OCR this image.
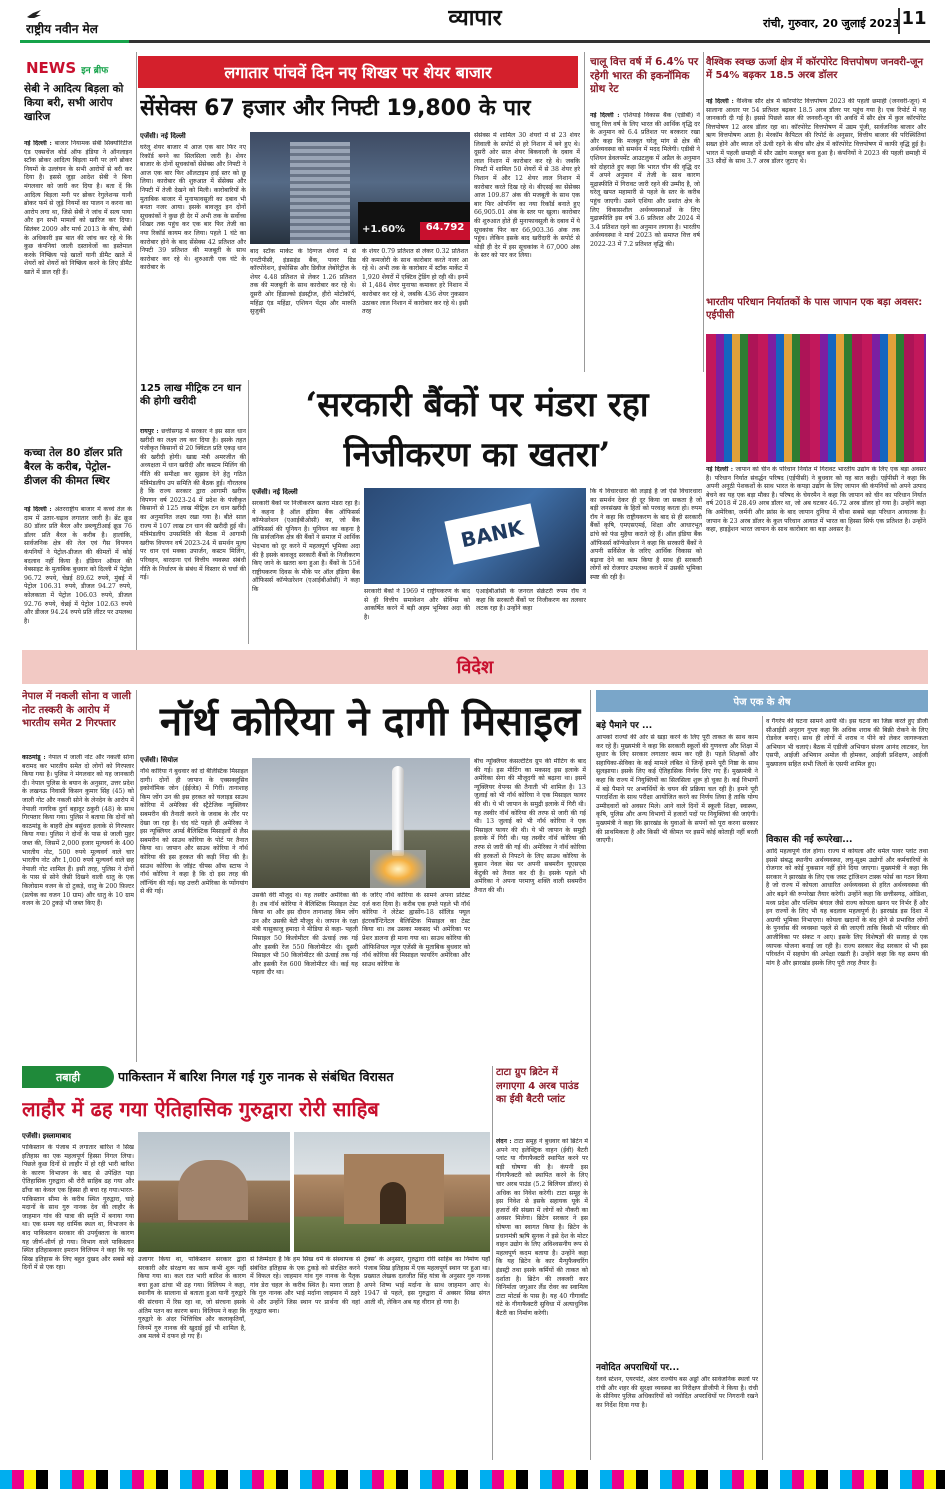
राष्ट्रीय नवीन मेल	व्यापार	रांची, गुरुवार, 20 जुलाई 2023 11
NEWS इन ब्रीफ
सेबी ने आदित्य बिड़ला को किया बरी, सभी आरोप खारिज
नई दिल्ली : बाजार नियामक सेबी सिक्योरिटीज एंड एक्सचेंज बोर्ड ऑफ इंडिया ने ऑनलाइन स्टॉक ब्रोकर आदित्य बिड़ला मनी पर लगे ब्रोकर नियमों के उल्लंघन के सभी आरोपों से बरी कर दिया है। इससे जुड़ा आदेश सेबी ने बिना मंगलवार को जारी कर दिया है। बता दें कि आदित्य बिड़ला मनी पर ब्रोकर रेगुलेशन्स यानी ब्रोकर फर्म से जुड़े नियमों का पालन न करना का आरोप लगा था, जिसे सेबी ने जांच में सत्य पाया और इन सभी मामलों को खारिज कर दिया। सितंबर 2009 और मार्च 2013 के बीच, सेबी के अधिकारी इस बात की जांच कर रहे थे कि कुछ कंपनियां जाली दस्तावेजों का इस्तेमाल करके निष्क्रिय पड़े खातों यानी डीमैट खाते में शेयरों को शेयरों को निष्क्रिय करने के लिए डीमैट खाते में डाल रही हैं।
कच्चा तेल 80 डॉलर प्रति बैरल के करीब, पेट्रोल-डीजल की कीमत स्थिर
नई दिल्ली : अंतरराष्ट्रीय बाजार में कच्चे तेल के दाम में उतार-चढ़ाव लगातार जारी है। ब्रेंट क्रूड 80 डॉलर प्रति बैरल और डब्ल्यूटीआई क्रूड 76 डॉलर प्रति बैरल के करीब है। हालांकि, सार्वजनिक क्षेत्र की तेल एवं गैस विपणन कंपनियों ने पेट्रोल-डीजल की कीमतों में कोई बदलाव नहीं किया है। इंडियन ऑयल की वेबसाइट के मुताबिक बुधवार को दिल्ली में पेट्रोल 96.72 रुपये, चेन्नई 89.62 रुपये, मुंबई में पेट्रोल 106.31 रुपये, डीजल 94.27 रुपये, कोलकाता में पेट्रोल 106.03 रुपये, डीजल 92.76 रुपये, चेन्नई में पेट्रोल 102.63 रुपये और डीजल 94.24 रुपये प्रति लीटर पर उपलब्ध है।
लगातार पांचवें दिन नए शिखर पर शेयर बाजार
सेंसेक्स 67 हजार और निफ्टी 19,800 के पार
एजेंसी। नई दिल्ली
घरेलू शेयर बाजार में आज एक बार फिर नए रिकॉर्ड बनने का सिलसिला जारी है। शेयर बाजार के दोनों सूचकांकों सेंसेक्स और निफ्टी ने आज एक बार फिर ऑलटाइम हाई स्तर को छू लिया। कारोबार की शुरुआत में सेंसेक्स और निफ्टी में तेजी देखने को मिली। कारोबारियों के मुताबिक बाजार में मुनाफावसूली का दबाव भी बनता नजर आया। इसके बावजूद इन दोनों सूचकांकों ने कुछ ही देर में अभी तक के सर्वोच्च शिखर तक पहुंच कर एक बार फिर तेजी का नया रिकॉर्ड कायम कर लिया। पहले 1 घंटे का कारोबार होने के बाद सेंसेक्स 42 प्रतिशत और निफ्टी 39 प्रतिशत की मजबूती के साथ कारोबार कर रहे थे। शुरुआती एक घंटे के कारोबार के
+1.60%	64.792
बाद स्टॉक मार्केट के दिग्गज शेयरों में से एनटीपीसी, इंडसइंड बैंक, पावर ग्रिड कॉरपोरेशन, इंफोसिस और डिवीज लेबोरेट्रीज के शेयर 4.48 प्रतिशत से लेकर 1.26 प्रतिशत तक की मजबूती के साथ कारोबार कर रहे थे। दूसरी ओर हिंडाल्को इंडस्ट्रीज, हीरो मोटोकॉर्प, महिंद्रा एंड महिंद्रा, एशियन पेंट्स और मारुति सुजुकी
के शेयर 0.79 प्रतिशत से लेकर 0.32 प्रतिशत की कमजोरी के साथ कारोबार करते नजर आ रहे थे। अभी तक के कारोबार में स्टॉक मार्केट में 1,920 शेयरों में एक्टिव ट्रेडिंग हो रही थी। इनमें से 1,484 शेयर मुनाफा कमाकर हरे निशान में कारोबार कर रहे थे, जबकि 436 शेयर नुकसान उठाकर लाल निशान में कारोबार कर रहे थे। इसी तरह
सेंसेक्स में शामिल 30 शेयरों में से 23 शेयर लिवाली के सपोर्ट से हरे निशान में बने हुए थे। दूसरी ओर सात शेयर बिकवाली के दबाव में लाल निशान में कारोबार कर रहे थे। जबकि निफ्टी में शामिल 50 शेयरों में से 38 शेयर हरे निशान में और 12 शेयर लाल निशान में कारोबार करते दिख रहे थे। बीएसई का सेंसेक्स आज 109.87 अंक की मजबूती के साथ एक बार फिर ओपनिंग का नया रिकॉर्ड बनाते हुए 66,905.01 अंक के स्तर पर खुला। कारोबार की शुरुआत होते ही मुनाफावसूली के दबाव में ये सूचकांक फिर कर 66,903.36 अंक तक पहुंच। लेकिन इसके बाद खरीदारी के सपोर्ट से थोड़ी ही देर में इस सूचकांक ने 67,000 अंक के स्तर को पार कर लिया।
चालू वित्त वर्ष में 6.4% पर रहेगी भारत की इकनॉमिक ग्रोथ रेट
नई दिल्ली : एशियाई विकास बैंक (एडीबी) ने चालू वित्त वर्ष के लिए भारत की आर्थिक वृद्धि दर के अनुमान को 6.4 प्रतिशत पर बरकरार रखा और कहा कि मजबूत घरेलू मांग से क्षेत्र की अर्थव्यवस्था को समर्थन में मदद मिलेगी। एडीबी ने एशियन डेवलपमेंट आउटलुक में अप्रैल के अनुमान को दोहराते हुए कहा कि भारत चीन की वृद्धि दर में अपने अनुमान में तेजी के साथ कारण मुद्रास्फीति में गिरावट जारी रहने की उम्मीद है, जो घरेलू खपत महामारी से पहले के स्तर के करीब पहुंच जाएगी। उसने एशिया और प्रशांत क्षेत्र के लिए विकासशील अर्थव्यवस्थाओं के लिए मुद्रास्फीति इस वर्ष 3.6 प्रतिशत और 2024 में 3.4 प्रतिशत रहने का अनुमान लगाया है। भारतीय अर्थव्यवस्था ने मार्च 2023 को समाप्त वित्त वर्ष 2022-23 में 7.2 प्रतिशत वृद्धि की।
वैश्विक स्वच्छ ऊर्जा क्षेत्र में कॉरपोरेट वित्तपोषण जनवरी-जून में 54% बढ़कर 18.5 अरब डॉलर
नई दिल्ली : वैश्विक सौर क्षेत्र में कॉरपोरेट वित्तपोषण 2023 की पहली छमाही (जनवरी-जून) में सालाना आधार पर 54 प्रतिशत बढ़कर 18.5 अरब डॉलर पर पहुंच गया है। एक रिपोर्ट में यह जानकारी दी गई है। इससे पिछले साल की जनवरी-जून की अवधि में सौर क्षेत्र में कुल कॉरपोरेट वित्तपोषण 12 अरब डॉलर रहा था। कॉरपोरेट वित्तपोषण में उद्यम पूंजी, सार्वजनिक बाजार और ऋण वित्तपोषण आता है। मेरकॉम कैपिटल की रिपोर्ट के अनुसार, वित्तीय बाजार की परिस्थितियां सख्त होने और ब्याज दरें ऊंची रहने के बीच सौर क्षेत्र में कॉरपोरेट वित्तपोषण में काफी वृद्धि हुई है। भारत में पहली छमाही में सौर उद्योग मजबूत बना हुआ है। कंपनियों ने 2023 की पहली छमाही में 33 सौदों के साथ 3.7 अरब डॉलर जुटाए थे।
भारतीय परिधान निर्यातकों के पास जापान एक बड़ा अवसर: एईपीसी
नई दिल्ली : जापान को चीन के परिधान निर्यात में गिरावट भारतीय उद्योग के लिए एक बड़ा अवसर है। परिधान निर्यात संवर्द्धन परिषद (एईपीसी) ने बुधवार को यह बात कही। एईपीसी ने कहा कि अपनी अनूठी पेशकशों के साथ भारत के कपड़ा उद्योग के लिए जापान की कंपनियों को अपने उत्पाद बेचने का यह एक बड़ा मौका है। परिषद के चेयरमैन ने कहा कि जापान को चीन का परिधान निर्यात वर्ष 2018 में 28.49 अरब डॉलर था, जो अब घटकर 46.72 अरब डॉलर हो गया है। उन्होंने कहा कि अमेरिका, जर्मनी और फ्रांस के बाद जापान दुनिया में चौथा सबसे बड़ा परिधान आयातक है। जापान के 23 अरब डॉलर के कुल परिधान आयात में भारत का हिस्सा सिर्फ एक प्रतिशत है। उन्होंने कहा, हाइड्रेशन भारत जापान के साथ कारोबार का बड़ा अवसर है।
125 लाख मीट्रिक टन धान की होगी खरीदी
रायपुर : छत्तीसगढ़ में सरकार ने इस साल धान खरीदी का लक्ष्य तय कर दिया है। इसके तहत पंजीकृत किसानों से 20 क्विंटल प्रति एकड़ धान की खरीदी होगी। खाद्य मंत्री अमरजीत की अध्यक्षता में धान खरीदी और कस्टम मिलिंग की नीति की समीक्षा कर सुझाव देने हेतु गठित मंत्रिमंडलीय उप समिति की बैठक हुई। गौरतलब है कि राज्य सरकार द्वारा आगामी खरीफ विपणन वर्ष 2023-24 में प्रदेश के पंजीकृत किसानों से 125 लाख मीट्रिक टन धान खरीदी का अनुमानित लक्ष्य रखा गया है। बीते साल राज्य में 107 लाख टन धान की खरीदी हुई थी। मंत्रिमंडलीय उपसमिति की बैठक में आगामी खरीफ विपणन वर्ष 2023-24 में समर्थन मूल्य पर धान एवं मक्का उपार्जन, कस्टम मिलिंग, परिवहन, बारदाना एवं वित्तीय व्यवस्था संबंधी नीति के निर्धारण के संबंध में विस्तार से चर्चा की गई।
‘सरकारी बैंकों पर मंडरा रहा निजीकरण का खतरा’
एजेंसी। नई दिल्ली
सरकारी बैंकों पर निजीकरण खतरा मंडरा रहा है। ये कहना है ऑल इंडिया बैंक ऑफिसर्स कॉन्फेडरेशन (एआईबीओसी) का, जो बैंक ऑफिसर्स की यूनियन है। यूनियन का कहना है कि सार्वजनिक क्षेत्र की बैंकों ने समाज में आर्थिक भेदभाव को दूर करने में महत्वपूर्ण भूमिका अदा की है इसके बावजूद सरकारी बैंकों के निजीकरण किए जाने के खतरा बना हुआ है। बैंकों के 55वें राष्ट्रीयकरण दिवस के मौके पर ऑल इंडिया बैंक ऑफिसर्स कॉन्फेडरेशन (एआईबीओसी) ने कहा कि
BANK
सरकारी बैंकों ने 1969 में राष्ट्रीयकरण के बाद से ही वित्तीय समावेशन और सेविंग्स को आकर्षित करने में बड़ी अहम भूमिका अदा की है।
एआईबीओसी के जनरल सेक्रेटरी रुपम रॉय ने कहा कि सरकारी बैंकों पर निजीकरण का तलवार लटक रहा है। उन्होंने कहा
कि ये विचारधारा की लड़ाई है जो ऐसे विचारधारा का समर्थन देकर ही दूर किया जा सकता है जो बड़ी जनसंख्या के हितों को परवाह करता हो। रुपम रॉय ने कहा कि राष्ट्रीयकरण के बाद से ही सरकारी बैंकों कृषि, एमएसएमई, शिक्षा और आधारभूत ढांचे को फंड मुहैया कराते रहे हैं। ऑल इंडिया बैंक ऑफिसर्स कॉन्फेडरेशन ने कहा कि सरकारी बैंकों ने अपनी सर्विसेज के जरिए आर्थिक विकास को बढ़ावा देने का काम किया है साथ ही सरकारी लोगों को रोजगार उपलब्ध कराने में उसकी भूमिका स्पष्ट की रही है।
विदेश
नेपाल में नकली सोना व जाली नोट तस्करी के आरोप में भारतीय समेत 2 गिरफ्तार
काठमांडू : नेपाल में जाली नोट और नकली सोना बरामद कर भारतीय समेत दो लोगों को गिरफ्तार किया गया है। पुलिस ने मंगलवार को यह जानकारी दी। नेपाल पुलिस के बयान के अनुसार, उत्तर प्रदेश के लखनऊ निवासी किसन कुमार सिंह (45) को जाली नोट और नकली सोने के लेनदेन के आरोप में नेपाली नागरिक दुर्गा बहादुर ठकुरी (48) के साथ गिरफ्तार किया गया। पुलिस ने बताया कि दोनों को काठमांडू के बाहरी क्षेत्र बसुंधरा इलाके से गिरफ्तार किया गया। पुलिस ने दोनों के पास से जाली मुहर जब्त की, जिसमें 2,000 हजार मूल्यवर्ग के 400 भारतीय नोट, 500 रुपये मूल्यवर्ग वाले चार भारतीय नोट और 1,000 रुपये मूल्यवर्ग वाले छह नेपाली नोट शामिल हैं। इसी तरह, पुलिस ने दोनों के पास से सोने जैसी दिखने वाली धातु के एक किलोग्राम वजन के दो टुकड़े, धातु के 200 फ़िल्टर (प्रत्येक का वजन 10 ग्राम) और धातु के 10 ग्राम वजन के 20 टुकड़े भी जब्त किए हैं।
नॉर्थ कोरिया ने दागी मिसाइल
एजेंसी। सियोल
नॉर्थ कोरिया ने बुधवार को दो बैलिस्टिक मिसाइल दागी। दोनों ही जापान के एक्सक्लूसिव इकोनॉमिक जोन (ईईजेड) में गिरीं। तानाशाह किम जोंग उन की इस हरकत को यलाइड साउथ कोरिया में अमेरिका की स्ट्रैटेजिक न्यूक्लियर सबमरीन की तैनाती करने के जवाब के तौर पर देखा जा रहा है। चंद घंटे पहले ही अमेरिका ने इस न्यूक्लियर आर्म्ड बैलिस्टिक मिसाइलों से लैस सबमरीन को साउथ कोरिया के पोर्ट पर तैनात किया था। जापान और साउथ कोरिया ने नॉर्थ कोरिया की इस हरकत की कड़ी निंदा की है। साउथ कोरिया के जॉइंट चीफ्स ऑफ स्टाफ ने नॉर्थ कोरिया ने कहा है कि दो इस तरह की लॉन्चिंग की गई। यह उत्तरी अमेरिका के प्योंगयांग से की गई।
उसकी वेरी मौजूद थे। यह तस्वीर अमेरिका की है। तब नॉर्थ कोरिया ने बैलिस्टिक मिसाइल टेस्ट किया था और इस दौरान तानाशाह किम जोंग उन और उसकी बेटी मौजूद थे। जापान के रक्षा मंत्री यासुकाजु हमादा ने मीडिया से कहा- पहली मिसाइल 50 किलोमीटर की ऊंचाई तक गई और इसकी रेंज 550 किलोमीटर थी। दूसरी मिसाइल भी 50 किलोमीटर की ऊंचाई तक गई और इसकी रेंज 600 किलोमीटर थी। कई यह पहला दौर था।
के जरिए नॉर्थ कोरिया के सामने अपना प्रोटेस्ट दर्ज करा दिया है। करीब एक हफ्ते पहले भी नॉर्थ कोरिया ने लेटेस्ट ह्वासोंग-18 सॉलिड फ्यूल इंटरकॉन्टिनेंटल बैलिस्टिक मिसाइल का टेस्ट किया था। तब उसका मकसद भी अमेरिका पर प्रेशर डालना ही माना गया था। साउथ कोरिया की ऑफिशियल न्यूज एजेंसी के मुताबिक बुधवार को नॉर्थ कोरिया की मिसाइल फायरिंग अमेरिका और साउथ कोरिया के
बीच न्यूक्लियर कंसल्टेटिव ग्रुप की मीटिंग के बाद की गई। इस मीटिंग का मकसद इस इलाके में अमेरिका सेना की मौजूदगी को बढ़ाना था। इसमें न्यूक्लियर वेपन्स की तैनाती भी शामिल है। 13 जुलाई को भी नॉर्थ कोरिया ने एक मिसाइल फायर की थी। ये भी जापान के समुद्री इलाके में गिरी थी। यह तस्वीर नॉर्थ कोरिया की तरफ से जारी की गई थी। 13 जुलाई को भी नॉर्थ कोरिया ने एक मिसाइल फायर की थी। ये भी जापान के समुद्री इलाके में गिरी थी। यह तस्वीर नॉर्थ कोरिया की तरफ से जारी की गई थी। अमेरिका ने नॉर्थ कोरिया की हरकतों से निपटने के लिए साउथ कोरिया के बुसान नेवल बेस पर अपनी सबमरीन यूएसएस केंटुकी को तैनात कर दी है। इसके पहले भी अमेरिका ने अपना परमाणु शक्ति वाली सबमरीन तैनात की थी।
तबाही	पाकिस्तान में बारिश निगल गई गुरु नानक से संबंधित विरासत
लाहौर में ढह गया ऐतिहासिक गुरुद्वारा रोरी साहिब
एजेंसी। इस्लामाबाद
पाकिस्तान के पंजाब में लगातार बारिश ने सिख इतिहास का एक महत्वपूर्ण हिस्सा निगल लिया। पिछले कुछ दिनों से लाहौर में हो रही भारी बारिश के कारण विभाजन के बाद से उपेक्षित पड़ा ऐतिहासिक गुरुद्वारा श्री रोरी साहिब ढह गया और ढाँचा का केवल एक हिस्सा ही बचा रह गया।भारत-पाकिस्तान सीमा के करीब स्थित गुरुद्वारा, चाहे मदानों के साथ गुरु नानक देव की लाहौर के जाहमान गांव की यात्रा की स्मृति में बनाया गया था। एक समय यह धार्मिक स्थल था, विभाजन के बाद पाकिस्तान सरकार की उपर्युक्तता के कारण यह जीर्ण-शीर्ण हो गया। विभाग वाले पाकिस्तान स्थित इतिहासकार इमरान विलियम ने कहा कि यह सिख इतिहास के लिए बहुत दुखद और सबसे बड़े दिनों में से एक रहा।
उजागर किया था, पाकिस्तान सरकार द्वारा सरकारी और संरक्षण का काम कभी शुरू नहीं किया गया था। कल रात भारी बारिश के कारण बचा हुआ ढांचा भी ढह गया। विलियम ने कहा, स्थानीय के सालाना से बताता हुआ यानी गुरुद्वारे की संरचना में रिस रहा था, जो संरचना इसके अंतिम पतन का कारण बना। विलियम ने कहा कि गुरुद्वारे के अंदर भित्तिचित्र और कलाकृतियाँ, जिनमें गुरु नानक की खुदाई हुई भी शामिल है, अब मलबे में दफन हो गए हैं।
से जिम्मेदार है कि हम सिख धर्म के संस्थापक से संबंधित इतिहास के एक टुकड़े को संरक्षित करने में विफल रहे। जाहमान गांव गुरु नानक के पैतृक गांव डेरा चहल के करीब स्थित है। माना जाता है कि गुरु नानक और भाई मर्दाना जाहमान में ठहरे थे और उन्होंने जिस स्थान पर प्रार्थना की वहां गुरुद्वारा बना।
ट्रेक्स' के अनुसार, गुरुद्वारा रोरी साहिब का निर्माण यहाँ पंजाब सिख इतिहास में एक महत्वपूर्ण स्थान पर हुआ था। प्रख्यात लेखक दलजीत सिंह यांत्रा के अनुसार गुरु नानक अपने शिष्य भाई मर्दाना के साथ जाहमान आए थे। 1947 से पहले, इस गुरुद्वारा में अक्सर सिख संगत आती थी, लेकिन अब यह वीरान हो गया है।
टाटा ग्रुप ब्रिटेन में लगाएगा 4 अरब पाउंड का ईवी बैटरी प्लांट
लंदन : टाटा समूह ने बुधवार को ब्रिटेन में अपने नए इलेक्ट्रिक वाहन (ईवी) बैटरी प्लांट या गीगाफैक्टरी स्थापित करने पर बड़ी घोषणा की है। कंपनी इस गीगाफैक्टरी को स्थापित करने के लिए चार अरब पाउंड (5.2 बिलियन डॉलर) से अधिक का निवेश करेगी। टाटा समूह के इस निवेश से इसके सहायक यूके में हजारों की संख्या में लोगों को नौकरी का अवसर मिलेगा। ब्रिटेन सरकार ने इस घोषणा का स्वागत किया है। ब्रिटेन के प्रधानमंत्री ऋषि सुनक ने इसे देश के मोटर वाहन उद्योग के लिए अविश्वसनीय रूप से महत्वपूर्ण कदम बताया है। उन्होंने कहा कि यह ब्रिटेन के कार मैन्युफैक्चरिंग इंडस्ट्री तथा इसके कर्मियों की ताकत को दर्शाता है। ब्रिटेन की लक्जरी कार विनिर्माता जगुआर लैंड रोवर का स्वामित्व टाटा मोटर्स के पास है। यह 40 गीगावॉट घंटे के गीगाफैक्टरी सुविधा में अत्याधुनिक बैटरी का निर्माण करेगी।
पेज एक के शेष
बड़े पैमाने पर ...
आपको राज्यों की ओर से खड़ा करने के लिए पूरी ताकत के साथ काम कर रहे हैं। मुख्यमंत्री ने कहा कि सरकारी स्कूलों की गुणवत्ता और शिक्षा में सुधार के लिए सरकार लगातार काम कर रही है। पहले शिक्षकों और सहायिका-सेविका के कई मामले लंबित थे जिन्हें हमने पूरी निष्ठा के साथ सुलझाया। इसके लिए कई ऐतिहासिक निर्णय लिए गए हैं। मुख्यमंत्री ने कहा कि राज्य में नियुक्तियों का सिलसिला शुरू हो चुका है। कई विभागों में बड़े पैमाने पर अभ्यर्थियों के चयन की प्रक्रिया चल रही है। हमने पूरी पारदर्शिता के साथ परीक्षा आयोजित करने का निर्णय लिया है ताकि योग्य उम्मीदवारों को अवसर मिले। आने वाले दिनों में स्कूली शिक्षा, स्वास्थ्य, कृषि, पुलिस और अन्य विभागों में हजारों पदों पर नियुक्तियां की जाएंगी। मुख्यमंत्री ने कहा कि झारखंड के युवाओं के सपनों को पूरा करना सरकार की प्राथमिकता है और किसी भी कीमत पर इसमें कोई कोताही नहीं बरती जाएगी।
नवोदित अपराधियों पर...
रेलवे स्टेशन, एयरपोर्ट, अंतर राज्यीय बस अड्डों और सार्वजनिक स्थलों पर रांची और शहर की सुरक्षा व्यवस्था का निरीक्षण डीजीपी ने किया है। रांची के सीनियर पुलिस अधिकारियों को नवोदित अपराधियों पर निगरानी रखने का निर्देश दिया गया है।
व गैंगरेप की घटना सामने आयी थी। इस घटना का जिक्र करते हुए डीजी सीआईडी अनुराग गुप्ता कहा कि अधिक शराब की बिक्री रोकने के लिए रोडवेज बनाएं। साथ ही लोगों में शराब न पीने को लेकर जागरूकता अभियान भी चलाएं। बैठक में एडीजी अभियान संजय आनंद लाटकर, रेल एसपी, आईजी अभियान अमोल वी होमकर, आईजी प्रशिक्षण, आईजी मुख्यालय सहित सभी जिलों के एसपी शामिल हुए।
विकास की नई रूपरेखा...
आदि महत्वपूर्ण रोल होगा। राज्य में कोयला और थर्मल पावर प्लांट तथा इससे संबद्ध स्थानीय अर्थव्यवस्था, लघु-सूक्ष्म उद्योगों और कर्मचारियों के रोजगार को कोई नुकसान नहीं होने दिया जाएगा। मुख्यमंत्री ने कहा कि सरकार ने झारखंड के लिए एक जस्ट ट्रांजिशन टास्क फोर्स का गठन किया है जो राज्य में कोयला आधारित अर्थव्यवस्था से हरित अर्थव्यवस्था की ओर बढ़ने की रूपरेखा तैयार करेगी। उन्होंने कहा कि छत्तीसगढ़, ओडिशा, मध्य प्रदेश और पश्चिम बंगाल जैसे राज्य कोयला खनन पर निर्भर हैं और इन राज्यों के लिए भी यह बदलाव महत्वपूर्ण है। झारखंड इस दिशा में अग्रणी भूमिका निभाएगा। कोयला खदानों के बंद होने से प्रभावित लोगों के पुनर्वास की व्यवस्था पहले से की जाएगी ताकि किसी भी परिवार की आजीविका पर संकट न आए। इसके लिए विशेषज्ञों की सलाह से एक व्यापक योजना बनाई जा रही है। राज्य सरकार केंद्र सरकार से भी इस परिवर्तन में सहयोग की अपेक्षा रखती है। उन्होंने कहा कि यह समय की मांग है और झारखंड इसके लिए पूरी तरह तैयार है।
